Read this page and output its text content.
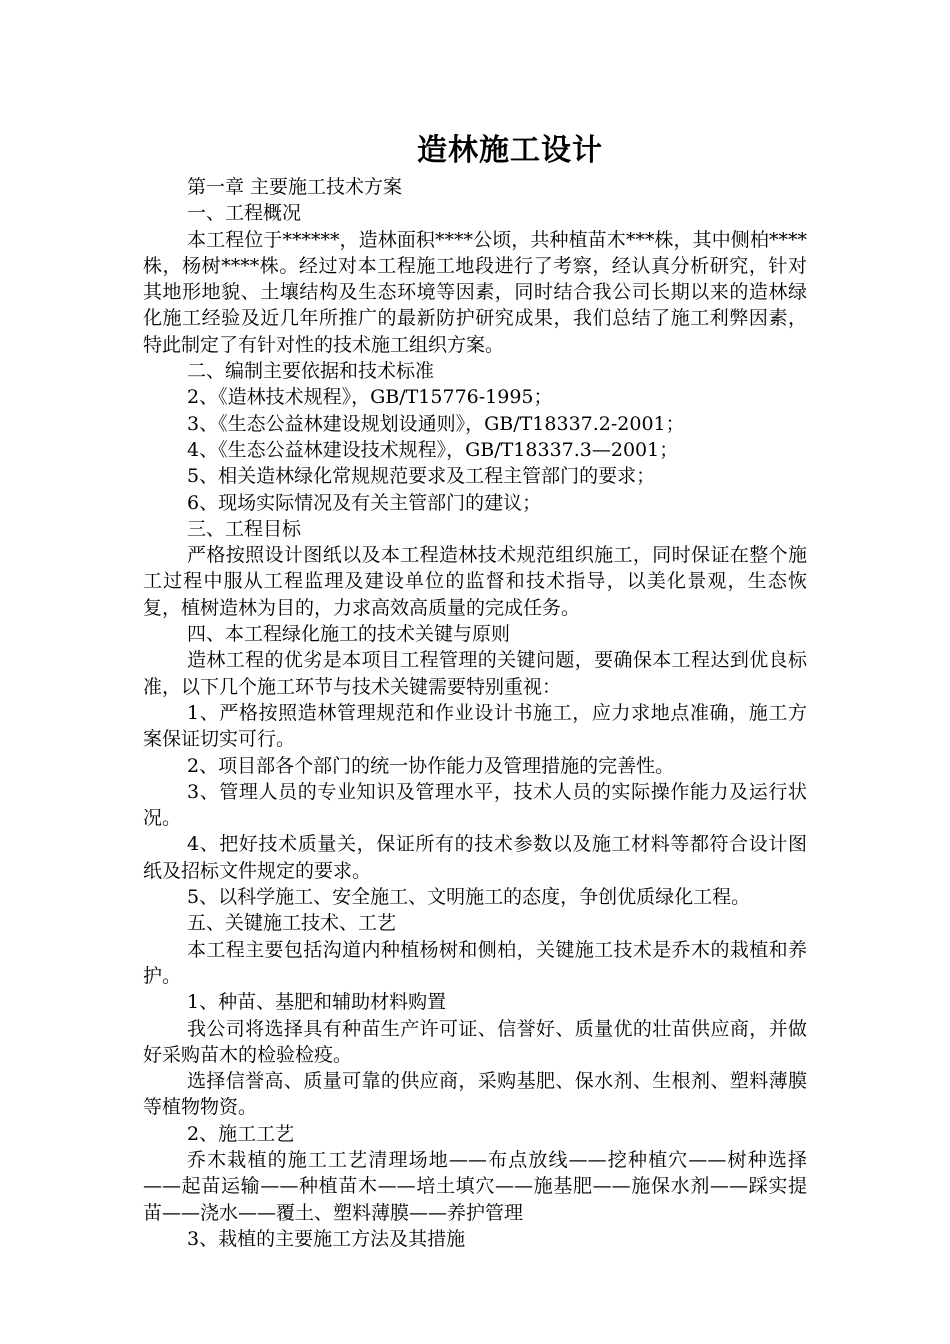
造林施工设计

第一章 主要施工技术方案

一、工程概况

本工程位于******，造林面积****公顷，共种植苗木***株，其中侧柏****株，杨树****株。经过对本工程施工地段进行了考察，经认真分析研究，针对其地形地貌、土壤结构及生态环境等因素，同时结合我公司长期以来的造林绿化施工经验及近几年所推广的最新防护研究成果，我们总结了施工利弊因素，特此制定了有针对性的技术施工组织方案。

二、编制主要依据和技术标准

2、《造林技术规程》，GB/T15776-1995；

3、《生态公益林建设规划设通则》，GB/T18337.2-2001；

4、《生态公益林建设技术规程》，GB/T18337.3—2001；

5、相关造林绿化常规规范要求及工程主管部门的要求；

6、现场实际情况及有关主管部门的建议；

三、工程目标

严格按照设计图纸以及本工程造林技术规范组织施工，同时保证在整个施工过程中服从工程监理及建设单位的监督和技术指导，以美化景观，生态恢复，植树造林为目的，力求高效高质量的完成任务。

四、本工程绿化施工的技术关键与原则

造林工程的优劣是本项目工程管理的关键问题，要确保本工程达到优良标准，以下几个施工环节与技术关键需要特别重视：

1、严格按照造林管理规范和作业设计书施工，应力求地点准确，施工方案保证切实可行。

2、项目部各个部门的统一协作能力及管理措施的完善性。

3、管理人员的专业知识及管理水平，技术人员的实际操作能力及运行状况。

4、把好技术质量关，保证所有的技术参数以及施工材料等都符合设计图纸及招标文件规定的要求。

5、以科学施工、安全施工、文明施工的态度，争创优质绿化工程。

五、关键施工技术、工艺

本工程主要包括沟道内种植杨树和侧柏，关键施工技术是乔木的栽植和养护。

1、种苗、基肥和辅助材料购置

我公司将选择具有种苗生产许可证、信誉好、质量优的壮苗供应商，并做好采购苗木的检验检疫。

选择信誉高、质量可靠的供应商，采购基肥、保水剂、生根剂、塑料薄膜等植物物资。

2、施工工艺

乔木栽植的施工工艺清理场地——布点放线——挖种植穴——树种选择——起苗运输——种植苗木——培土填穴——施基肥——施保水剂——踩实提苗——浇水——覆土、塑料薄膜——养护管理

3、栽植的主要施工方法及其措施
